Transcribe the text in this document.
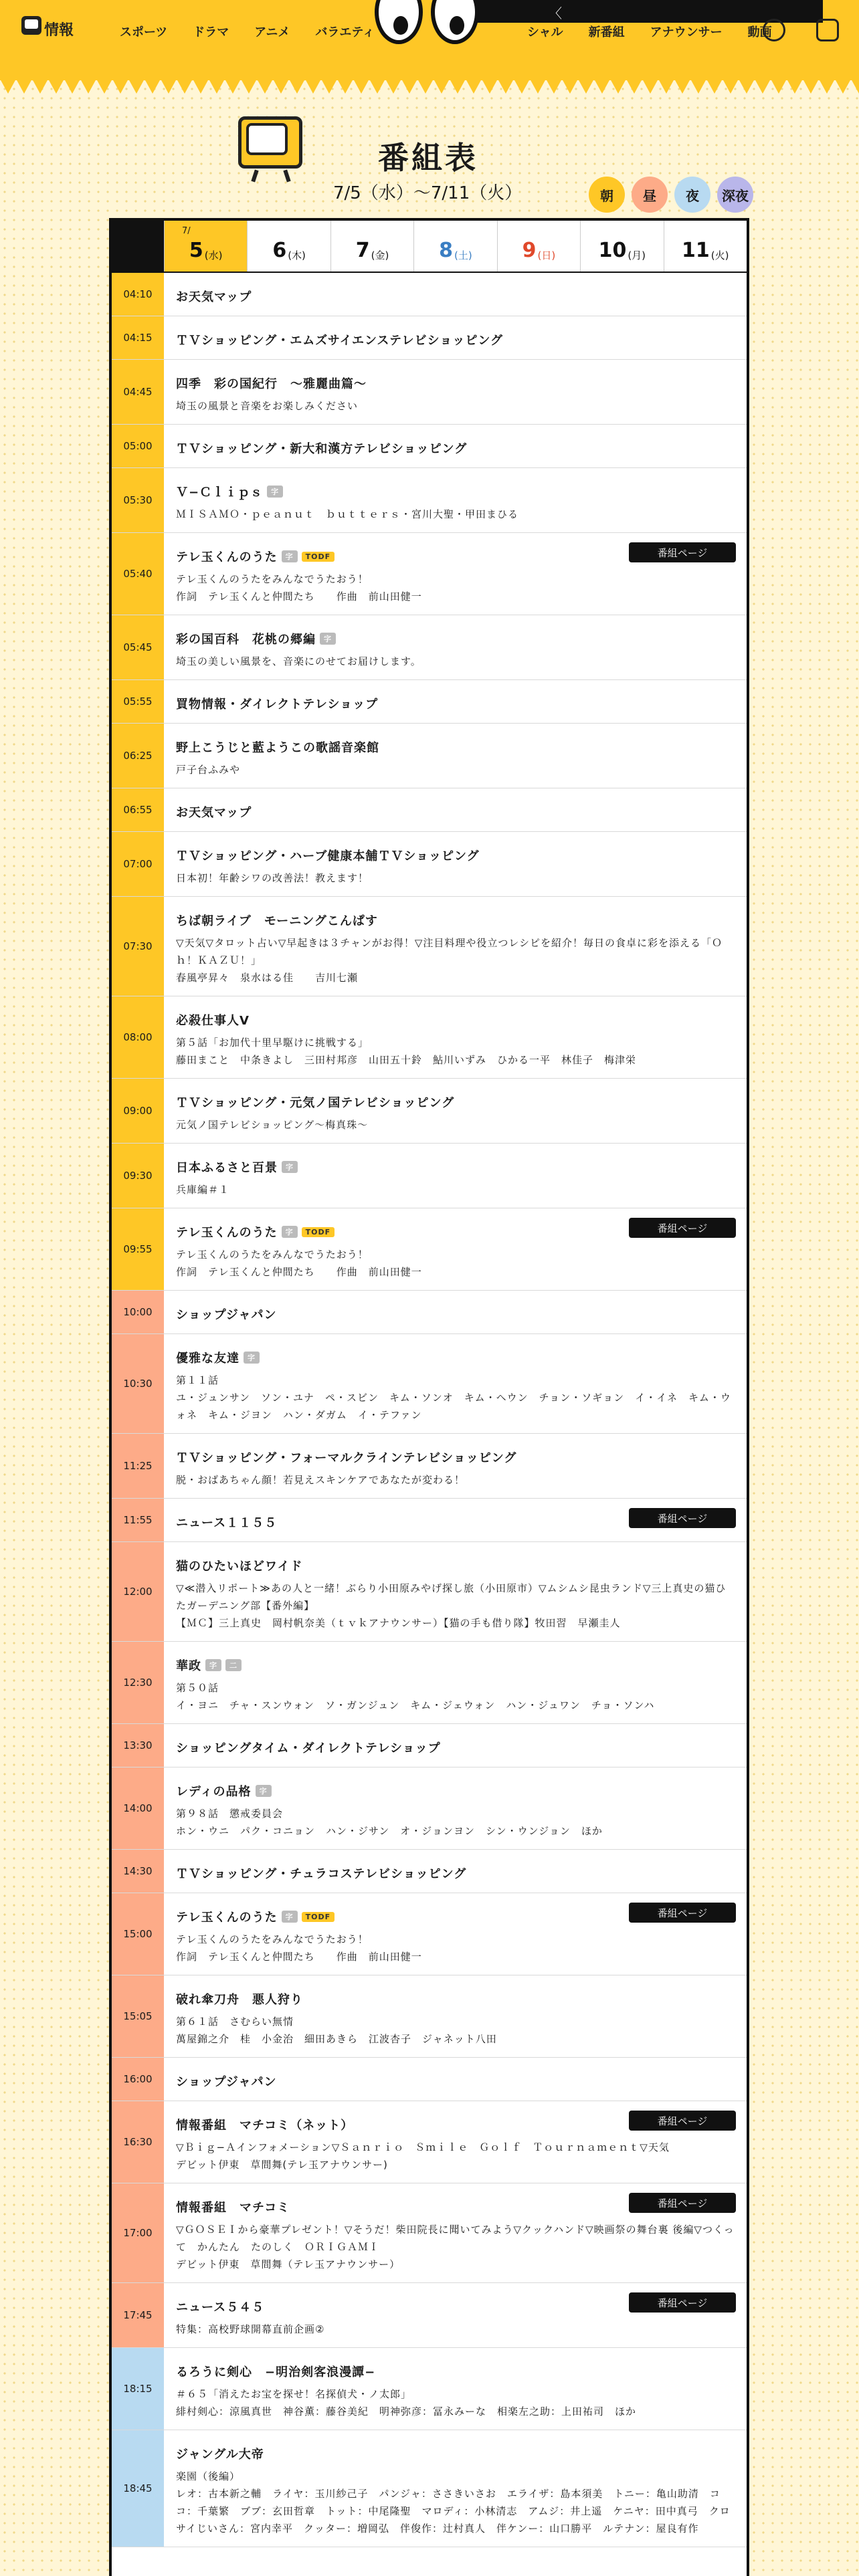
情報	スポーツ	ドラマ	アニメ	バラエティ	シャル	新番組	アナウンサー	動画
〈
番組表
7/5（水）〜7/11（火）	朝	昼	夜	深夜
7/
5 (水) 6 (木) 7 (金) 8 (土) 9 (日) 10 (月) 11 (火)
04:10	お天気マップ
04:15	ＴＶショッピング・エムズサイエンステレビショッピング
04:45
四季　彩の国紀行　〜雅麗曲篇〜
埼玉の風景と音楽をお楽しみください
05:00	ＴＶショッピング・新大和漢方テレビショッピング
05:30
Ｖ−Ｃｌｉｐｓ	字
ＭＩＳＡＭＯ・ｐｅａｎｕｔ　ｂｕｔｔｅｒｓ・宮川大聖・甲田まひる
05:40
テレ玉くんのうた	字	TODF
テレ玉くんのうたをみんなでうたおう！
作詞　テレ玉くんと仲間たち　　作曲　前山田健一
番組ページ
05:45
彩の国百科　花桃の郷編	字
埼玉の美しい風景を、音楽にのせてお届けします。
05:55	買物情報・ダイレクトテレショップ
06:25
野上こうじと藍ようこの歌謡音楽館
戸子台ふみや
06:55	お天気マップ
07:00
ＴＶショッピング・ハーブ健康本舗ＴＶショッピング
日本初！年齢シワの改善法！教えます！
07:30
ちば朝ライブ　モーニングこんぱす
▽天気▽タロット占い▽早起きは３チャンがお得！▽注目料理や役立つレシピを紹介！毎日の食卓に彩を添える「Ｏｈ！ＫＡＺＵ！」
春風亭昇々　泉水はる佳　　吉川七瀬
08:00
必殺仕事人Ⅴ
第５話「お加代十里早駆けに挑戦する」
藤田まこと　中条きよし　三田村邦彦　山田五十鈴　鮎川いずみ　ひかる一平　林佳子　梅津栄
09:00
ＴＶショッピング・元気ノ国テレビショッピング
元気ノ国テレビショッピング〜梅真珠〜
09:30
日本ふるさと百景	字
兵庫編＃１
09:55
テレ玉くんのうた	字	TODF
テレ玉くんのうたをみんなでうたおう！
作詞　テレ玉くんと仲間たち　　作曲　前山田健一
番組ページ
10:00	ショップジャパン
10:30
優雅な友達	字
第１１話
ユ・ジュンサン　ソン・ユナ　ペ・スビン　キム・ソンオ　キム・ヘウン　チョン・ソギョン　イ・イネ　キム・ウォネ　キム・ジヨン　ハン・ダガム　イ・テファン
11:25
ＴＶショッピング・フォーマルクラインテレビショッピング
脱・おばあちゃん顔！若見えスキンケアであなたが変わる！
11:55	ニュース１１５５	番組ページ
12:00
猫のひたいほどワイド
▽≪潜入リポート≫あの人と一緒！ぶらり小田原みやげ探し旅（小田原市）▽ムシムシ昆虫ランド▽三上真史の猫ひたガーデニング部【番外編】
【ＭＣ】三上真史　岡村帆奈美（ｔｖｋアナウンサー）【猫の手も借り隊】牧田習　早瀬圭人
12:30
華政	字	二
第５０話
イ・ヨニ　チャ・スンウォン　ソ・ガンジュン　キム・ジェウォン　ハン・ジュワン　チョ・ソンハ
13:30	ショッピングタイム・ダイレクトテレショップ
14:00
レディの品格	字
第９８話　懲戒委員会
ホン・ウニ　パク・コニョン　ハン・ジサン　オ・ジョンヨン　シン・ウンジョン　ほか
14:30	ＴＶショッピング・チュラコステレビショッピング
15:00
テレ玉くんのうた	字	TODF
テレ玉くんのうたをみんなでうたおう！
作詞　テレ玉くんと仲間たち　　作曲　前山田健一
番組ページ
15:05
破れ傘刀舟　悪人狩り
第６１話　さむらい無情
萬屋錦之介　桂　小金治　細田あきら　江波杏子　ジャネット八田
16:00	ショップジャパン
16:30
情報番組　マチコミ（ネット）
▽Ｂｉｇ−Ａインフォメーション▽Ｓａｎｒｉｏ　Ｓｍｉｌｅ　Ｇｏｌｆ　Ｔｏｕｒｎａｍｅｎｔ▽天気
デビット伊東　草間舞(テレ玉アナウンサー)
番組ページ
17:00
情報番組　マチコミ
▽ＧＯＳＥＩから豪華プレゼント！▽そうだ！柴田院長に聞いてみよう▽クックハンド▽映画祭の舞台裏 後編▽つくって　かんたん　たのしく　ＯＲＩＧＡＭＩ
デビット伊東　草間舞（テレ玉アナウンサー）
番組ページ
17:45
ニュース５４５
特集：高校野球開幕直前企画②
番組ページ
18:15
るろうに剣心　−明治剣客浪漫譚−
＃６５「消えたお宝を探せ！名探偵犬・ノ太郎」
緋村剣心：涼風真世　神谷薫：藤谷美紀　明神弥彦：冨永みーな　相楽左之助：上田祐司　ほか
18:45
ジャングル大帝
楽園（後編）
レオ：古本新之輔　ライヤ：玉川紗己子　パンジャ：ささきいさお　エライザ：島本須美　トニー：亀山助清　ココ：千葉繁　ブブ：玄田哲章　トット：中尾隆聖　マロディ：小林清志　アムジ：井上遥　ケニヤ：田中真弓　クロサイじいさん：宮内幸平　クッター：増岡弘　伴俊作：辻村真人　伴ケンー：山口勝平　ルテナン：屋良有作
